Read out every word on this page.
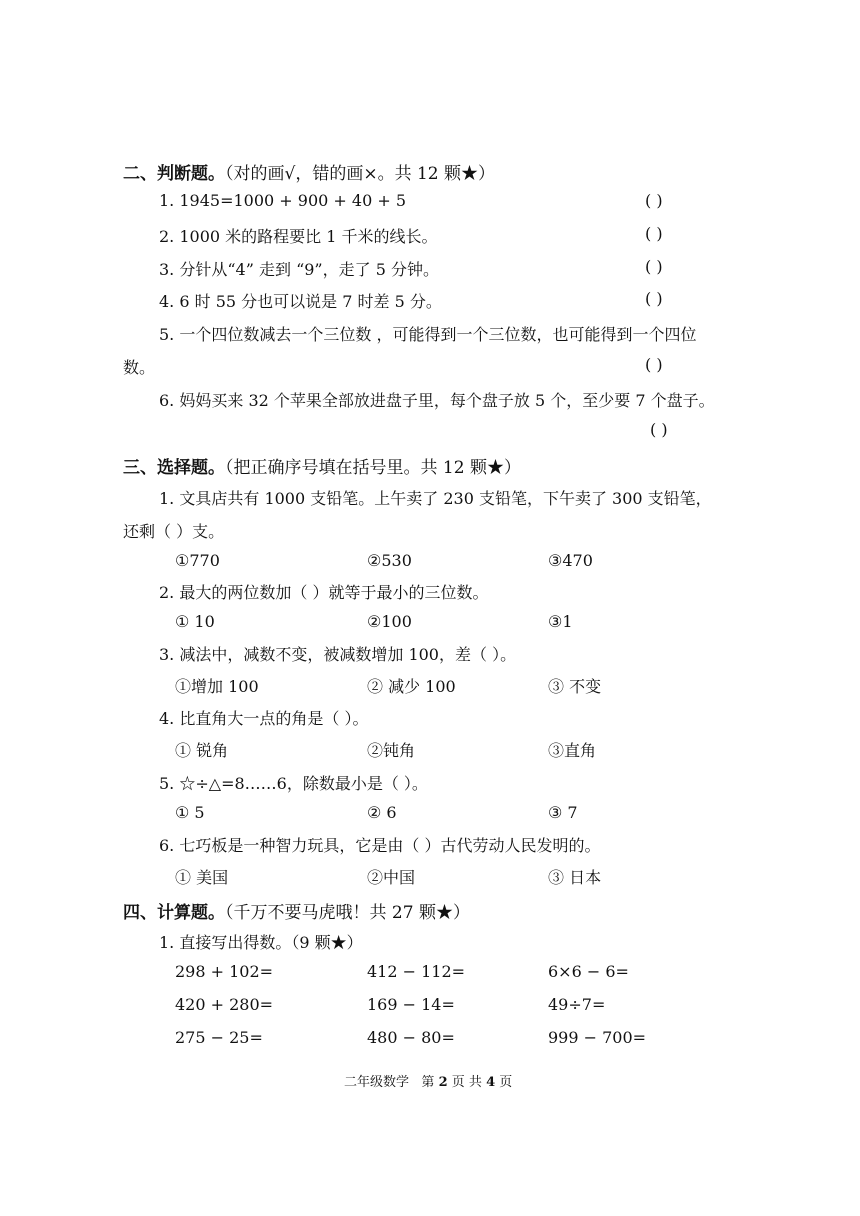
二、判断题。（对的画√，错的画×。共 12 颗★）
1. 1945=1000 + 900 + 40 + 5	( )
2. 1000 米的路程要比 1 千米的线长。	( )
3. 分针从“4” 走到 “9”，走了 5 分钟。	( )
4. 6 时 55 分也可以说是 7 时差 5 分。	( )
5. 一个四位数减去一个三位数 ，可能得到一个三位数，也可能得到一个四位
数。	( )
6. 妈妈买来 32 个苹果全部放进盘子里，每个盘子放 5 个，至少要 7 个盘子。
( )
三、选择题。（把正确序号填在括号里。共 12 颗★）
1. 文具店共有 1000 支铅笔。上午卖了 230 支铅笔，下午卖了 300 支铅笔，
还剩（ ）支。
①770	②530	③470
2. 最大的两位数加（ ）就等于最小的三位数。
① 10	②100	③1
3. 减法中，减数不变，被减数增加 100，差（ ）。
①增加 100	② 减少 100	③ 不变
4. 比直角大一点的角是（ ）。
① 锐角	②钝角	③直角
5. ☆÷△=8……6，除数最小是（ ）。
① 5	② 6	③ 7
6. 七巧板是一种智力玩具，它是由（ ）古代劳动人民发明的。
① 美国	②中国	③ 日本
四、计算题。（千万不要马虎哦！共 27 颗★）
1. 直接写出得数。（9 颗★）
298 + 102=	412 − 112=	6×6 − 6=
420 + 280=	169 − 14=	49÷7=
275 − 25=	480 − 80=	999 − 700=
二年级数学 第 2 页 共 4 页
